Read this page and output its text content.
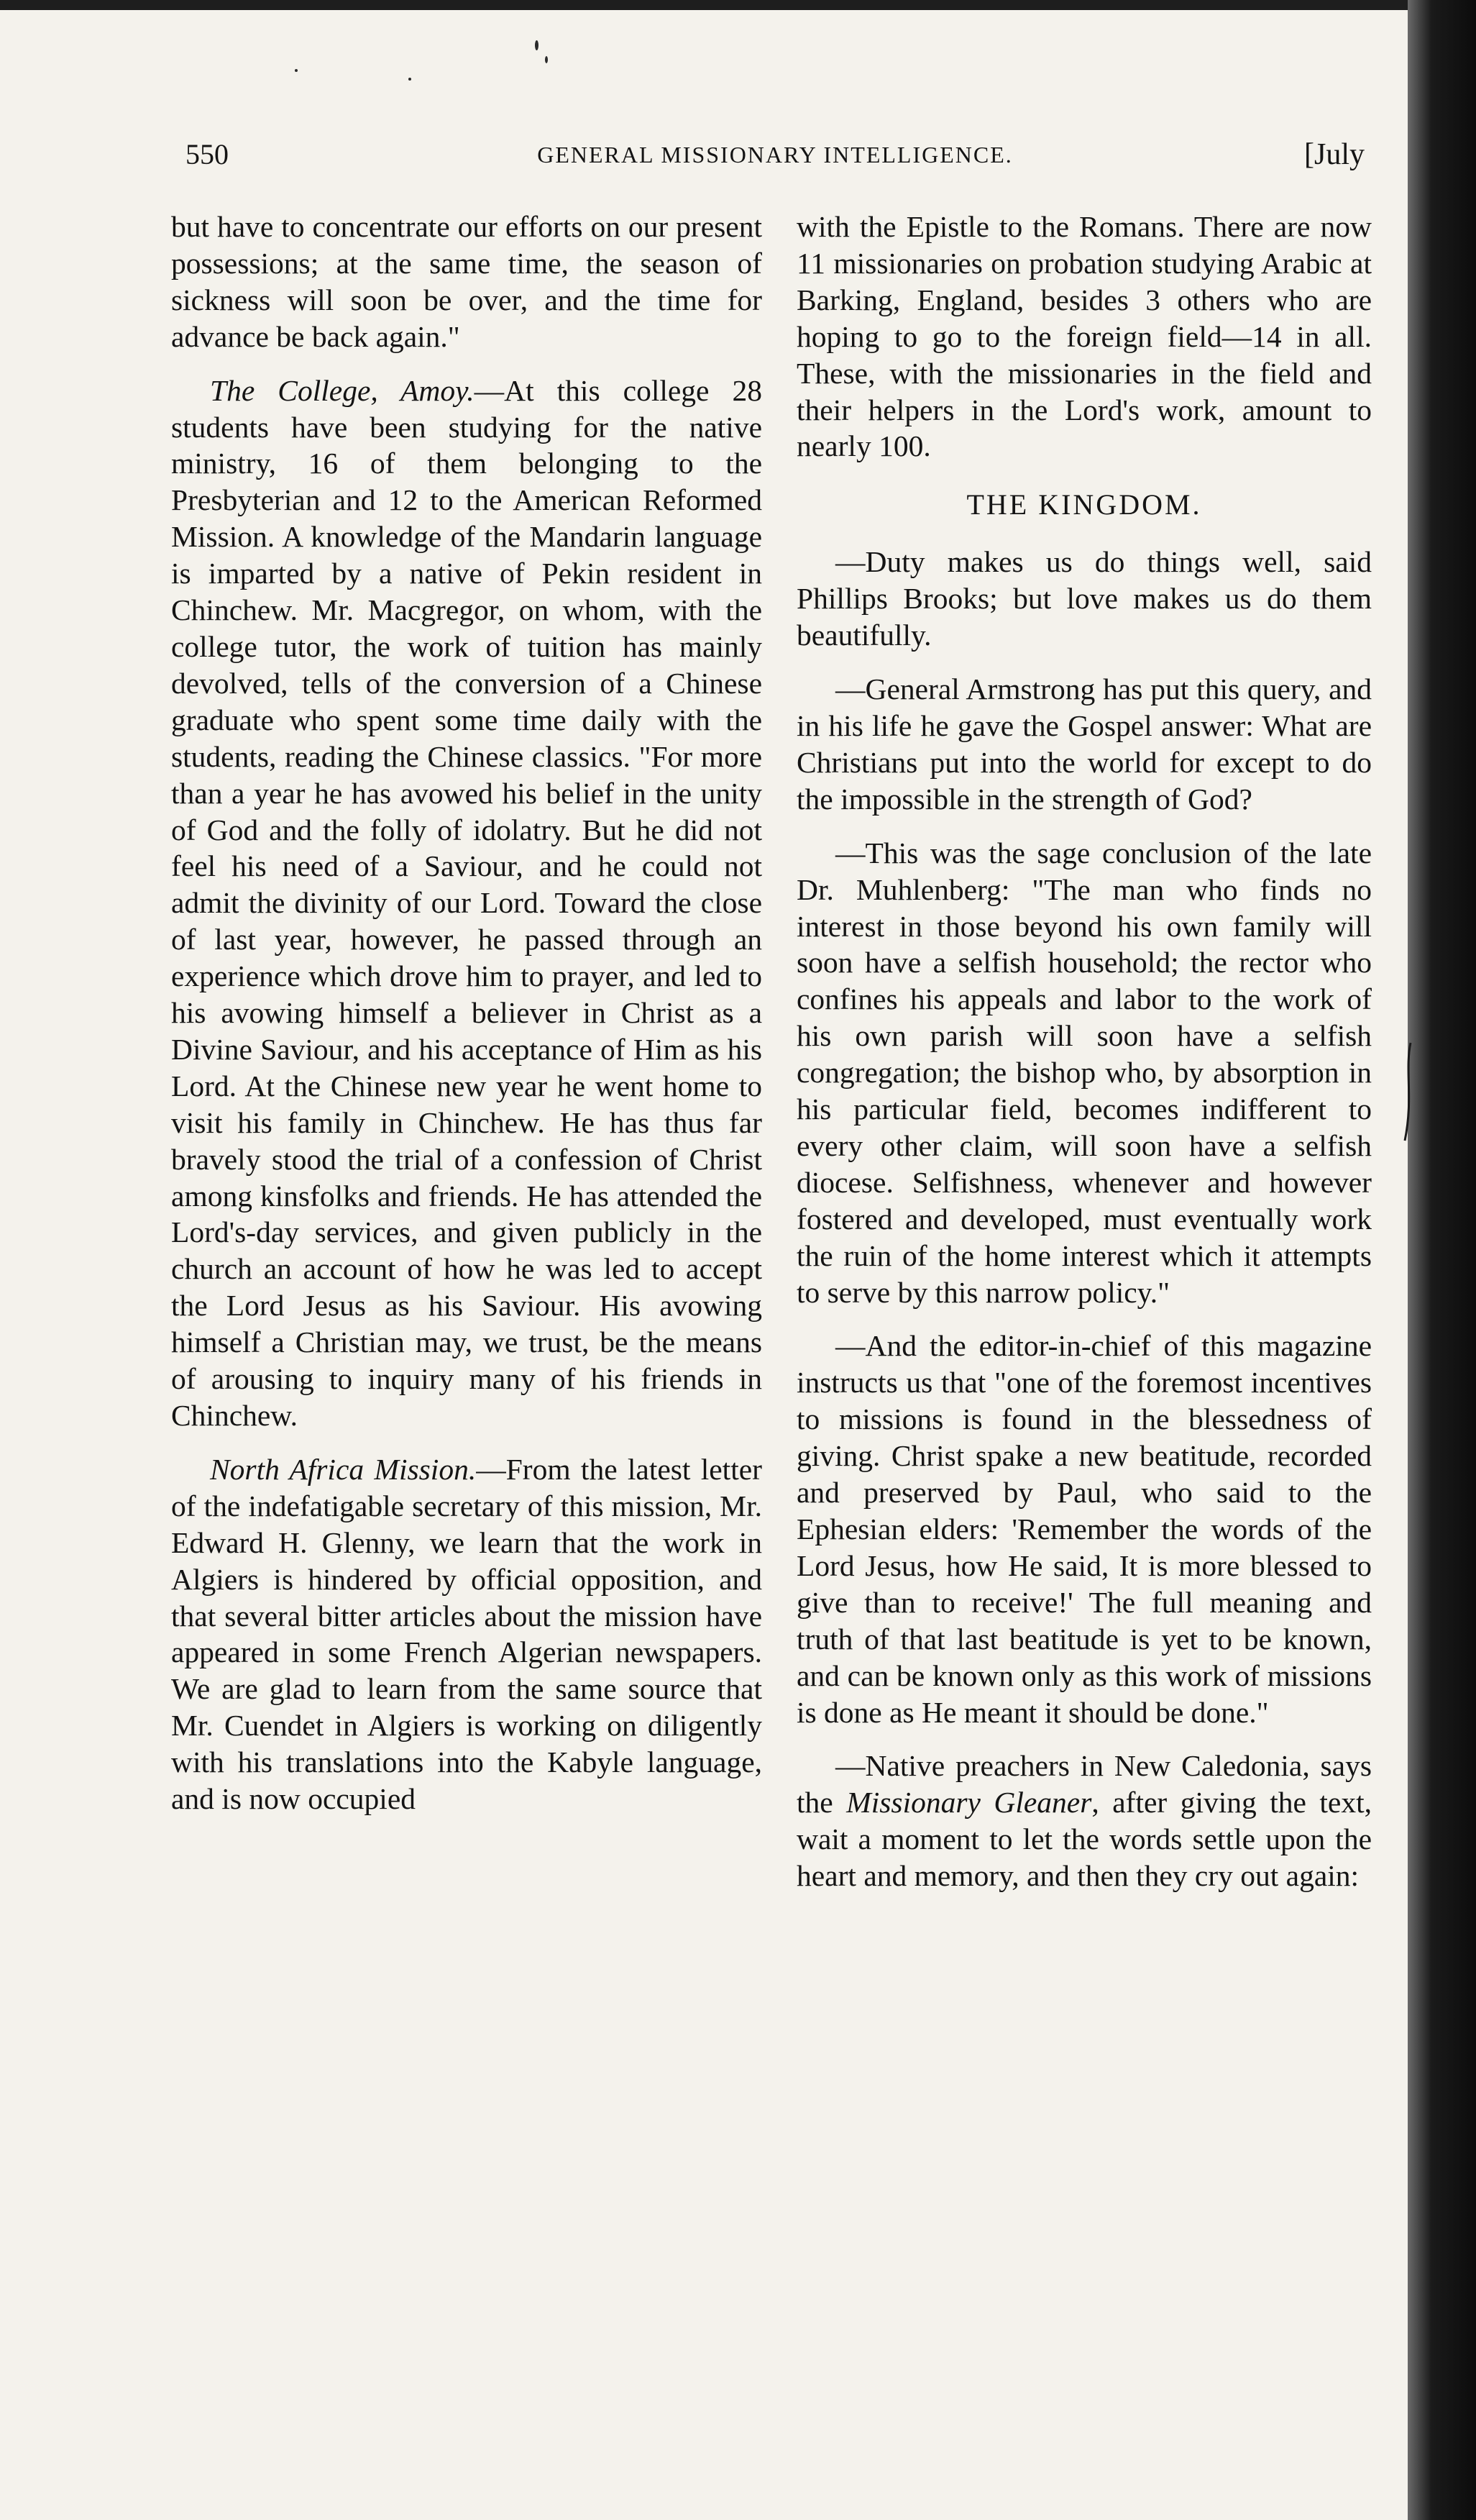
550	GENERAL MISSIONARY INTELLIGENCE.	[July

but have to concentrate our efforts on our present possessions; at the same time, the season of sickness will soon be over, and the time for advance be back again."

The College, Amoy.—At this college 28 students have been studying for the native ministry, 16 of them belonging to the Presbyterian and 12 to the American Reformed Mission. A knowledge of the Mandarin language is imparted by a native of Pekin resident in Chinchew. Mr. Macgregor, on whom, with the college tutor, the work of tuition has mainly devolved, tells of the conversion of a Chinese graduate who spent some time daily with the students, reading the Chinese classics. "For more than a year he has avowed his belief in the unity of God and the folly of idolatry. But he did not feel his need of a Saviour, and he could not admit the divinity of our Lord. Toward the close of last year, however, he passed through an experience which drove him to prayer, and led to his avowing himself a believer in Christ as a Divine Saviour, and his acceptance of Him as his Lord. At the Chinese new year he went home to visit his family in Chinchew. He has thus far bravely stood the trial of a confession of Christ among kinsfolks and friends. He has attended the Lord's-day services, and given publicly in the church an account of how he was led to accept the Lord Jesus as his Saviour. His avowing himself a Christian may, we trust, be the means of arousing to inquiry many of his friends in Chinchew.

North Africa Mission.—From the latest letter of the indefatigable secretary of this mission, Mr. Edward H. Glenny, we learn that the work in Algiers is hindered by official opposition, and that several bitter articles about the mission have appeared in some French Algerian newspapers. We are glad to learn from the same source that Mr. Cuendet in Algiers is working on diligently with his translations into the Kabyle language, and is now occupied

with the Epistle to the Romans. There are now 11 missionaries on probation studying Arabic at Barking, England, besides 3 others who are hoping to go to the foreign field—14 in all. These, with the missionaries in the field and their helpers in the Lord's work, amount to nearly 100.

THE KINGDOM.

—Duty makes us do things well, said Phillips Brooks; but love makes us do them beautifully.

—General Armstrong has put this query, and in his life he gave the Gospel answer: What are Christians put into the world for except to do the impossible in the strength of God?

—This was the sage conclusion of the late Dr. Muhlenberg: "The man who finds no interest in those beyond his own family will soon have a selfish household; the rector who confines his appeals and labor to the work of his own parish will soon have a selfish congregation; the bishop who, by absorption in his particular field, becomes indifferent to every other claim, will soon have a selfish diocese. Selfishness, whenever and however fostered and developed, must eventually work the ruin of the home interest which it attempts to serve by this narrow policy."

—And the editor-in-chief of this magazine instructs us that "one of the foremost incentives to missions is found in the blessedness of giving. Christ spake a new beatitude, recorded and preserved by Paul, who said to the Ephesian elders: 'Remember the words of the Lord Jesus, how He said, It is more blessed to give than to receive!' The full meaning and truth of that last beatitude is yet to be known, and can be known only as this work of missions is done as He meant it should be done."

—Native preachers in New Caledonia, says the Missionary Gleaner, after giving the text, wait a moment to let the words settle upon the heart and memory, and then they cry out again:
